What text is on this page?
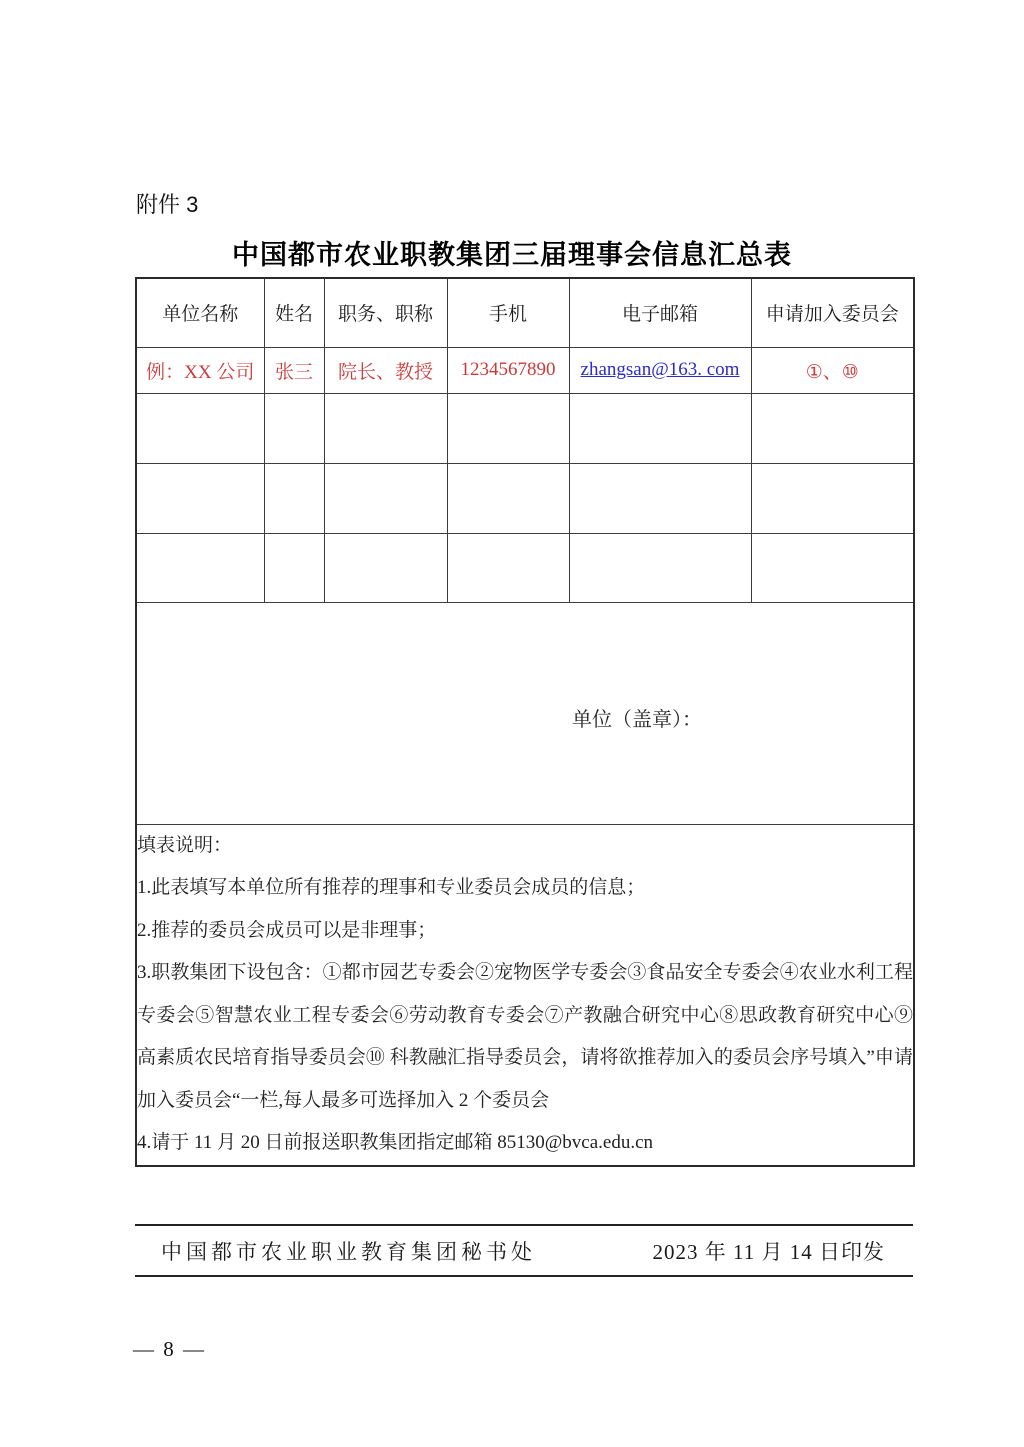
附件 3
中国都市农业职教集团三届理事会信息汇总表
单位名称	姓名	职务、职称	手机	电子邮箱	申请加入委员会
例：XX 公司	张三	院长、教授	1234567890	zhangsan@163. com	①、⑩

单位（盖章）：					

填表说明：

1.此表填写本单位所有推荐的理事和专业委员会成员的信息；

2.推荐的委员会成员可以是非理事；

3.职教集团下设包含：①都市园艺专委会②宠物医学专委会③食品安全专委会④农业水利工程专委会⑤智慧农业工程专委会⑥劳动教育专委会⑦产教融合研究中心⑧思政教育研究中心⑨高素质农民培育指导委员会⑩ 科教融汇指导委员会，请将欲推荐加入的委员会序号填入”申请加入委员会“一栏,每人最多可选择加入 2 个委员会

4.请于 11 月 20 日前报送职教集团指定邮箱 85130@bvca.edu.cn					

中国都市农业职业教育集团秘书处	2023 年 11 月 14 日印发
— 8 —
